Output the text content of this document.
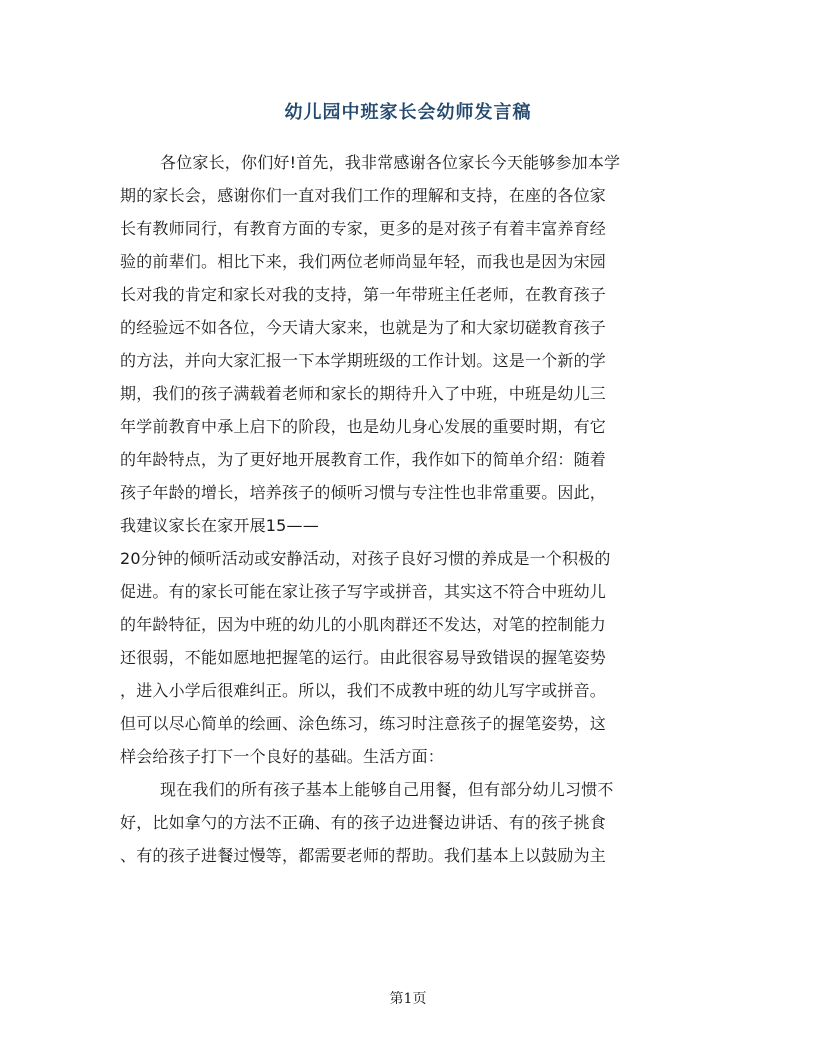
幼儿园中班家长会幼师发言稿
各位家长，你们好!首先，我非常感谢各位家长今天能够参加本学
期的家长会，感谢你们一直对我们工作的理解和支持，在座的各位家
长有教师同行，有教育方面的专家，更多的是对孩子有着丰富养育经
验的前辈们。相比下来，我们两位老师尚显年轻，而我也是因为宋园
长对我的肯定和家长对我的支持，第一年带班主任老师，在教育孩子
的经验远不如各位，今天请大家来，也就是为了和大家切磋教育孩子
的方法，并向大家汇报一下本学期班级的工作计划。这是一个新的学
期，我们的孩子满载着老师和家长的期待升入了中班，中班是幼儿三
年学前教育中承上启下的阶段，也是幼儿身心发展的重要时期，有它
的年龄特点，为了更好地开展教育工作，我作如下的简单介绍：随着
孩子年龄的增长，培养孩子的倾听习惯与专注性也非常重要。因此，
我建议家长在家开展15——
20分钟的倾听活动或安静活动，对孩子良好习惯的养成是一个积极的
促进。有的家长可能在家让孩子写字或拼音，其实这不符合中班幼儿
的年龄特征，因为中班的幼儿的小肌肉群还不发达，对笔的控制能力
还很弱，不能如愿地把握笔的运行。由此很容易导致错误的握笔姿势
，进入小学后很难纠正。所以，我们不成教中班的幼儿写字或拼音。
但可以尽心简单的绘画、涂色练习，练习时注意孩子的握笔姿势，这
样会给孩子打下一个良好的基础。生活方面：
现在我们的所有孩子基本上能够自己用餐，但有部分幼儿习惯不
好，比如拿勺的方法不正确、有的孩子边进餐边讲话、有的孩子挑食
、有的孩子进餐过慢等，都需要老师的帮助。我们基本上以鼓励为主
第1页
